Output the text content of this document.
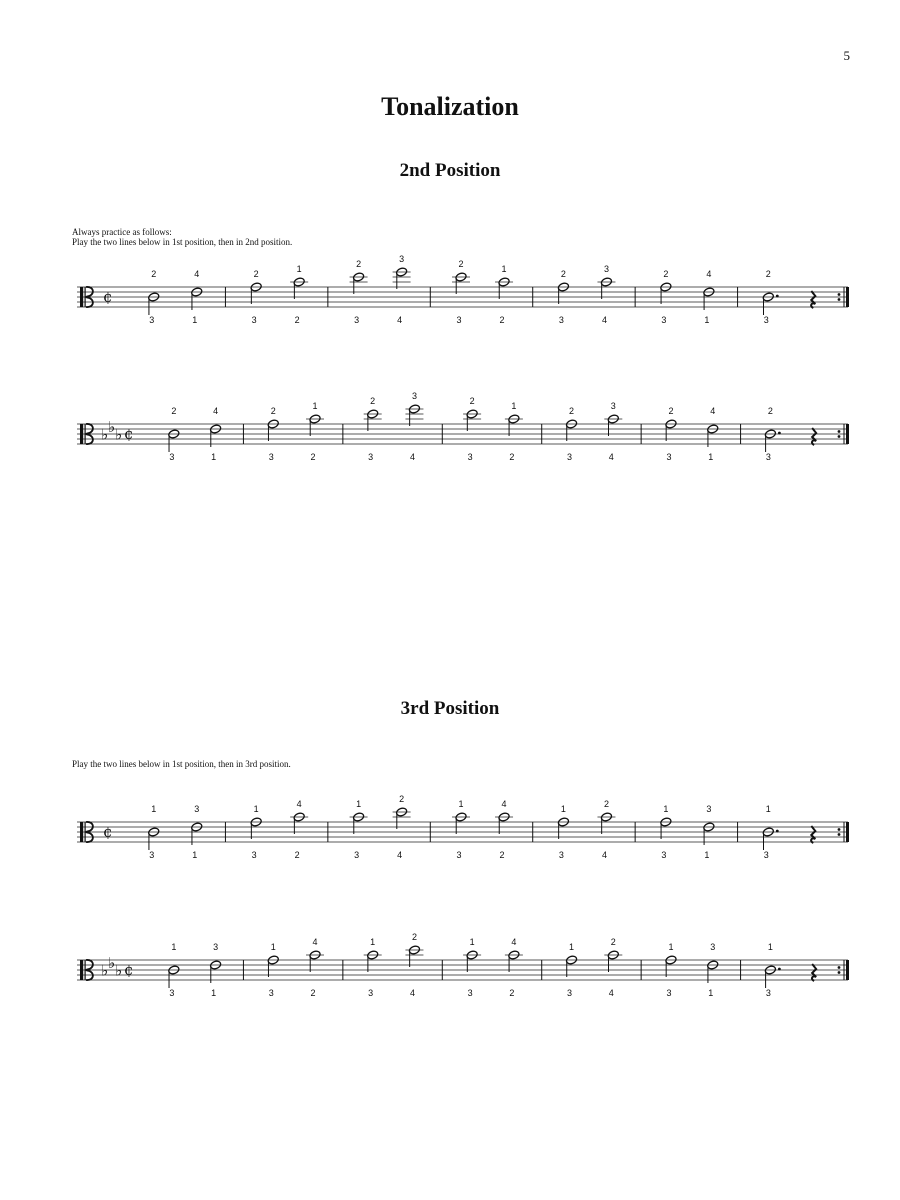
5
Tonalization
2nd Position
Always practice as follows:
Play the two lines below in 1st position, then in 2nd position.
¢
2
3
4
1
2
3
1
2
2
3
3
4
2
3
1
2
2
3
3
4
2
3
4
1
2
3
♭ ♭ ♭ ¢
2
3
4
1
2
3
1
2
2
3
3
4
2
3
1
2
2
3
3
4
2
3
4
1
2
3
3rd Position
Play the two lines below in 1st position, then in 3rd position.
¢
1
3
3
1
1
3
4
2
1
3
2
4
1
3
4
2
1
3
2
4
1
3
3
1
1
3
♭ ♭ ♭ ¢
1
3
3
1
1
3
4
2
1
3
2
4
1
3
4
2
1
3
2
4
1
3
3
1
1
3
